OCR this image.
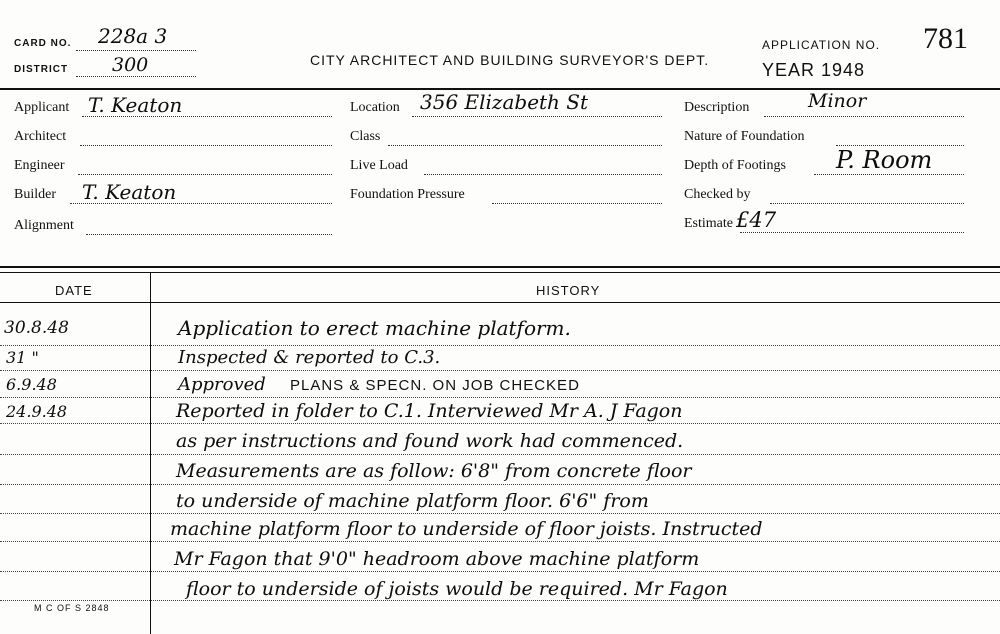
CARD NO. 228a 3
DISTRICT 300	CITY ARCHITECT AND BUILDING SURVEYOR'S DEPT.
APPLICATION NO. 781
YEAR 1948
Applicant T. Keaton
Architect
Engineer
Builder T. Keaton
Alignment
Location 356 Elizabeth St
Class
Live Load
Foundation Pressure
Description	Minor
Nature of Foundation
Depth of Footings P. Room
Checked by
Estimate £47
DATE	HISTORY
30.8.48	Application to erect machine platform.
31 "	Inspected & reported to C.3.
6.9.48	Approved PLANS & SPECN. ON JOB CHECKED
24.9.48	Reported in folder to C.1. Interviewed Mr A. J Fagon
as per instructions and found work had commenced.
Measurements are as follow: 6'8" from concrete floor
to underside of machine platform floor. 6'6" from
machine platform floor to underside of floor joists. Instructed
Mr Fagon that 9'0" headroom above machine platform
floor to underside of joists would be required. Mr Fagon
M C OF S 2848
